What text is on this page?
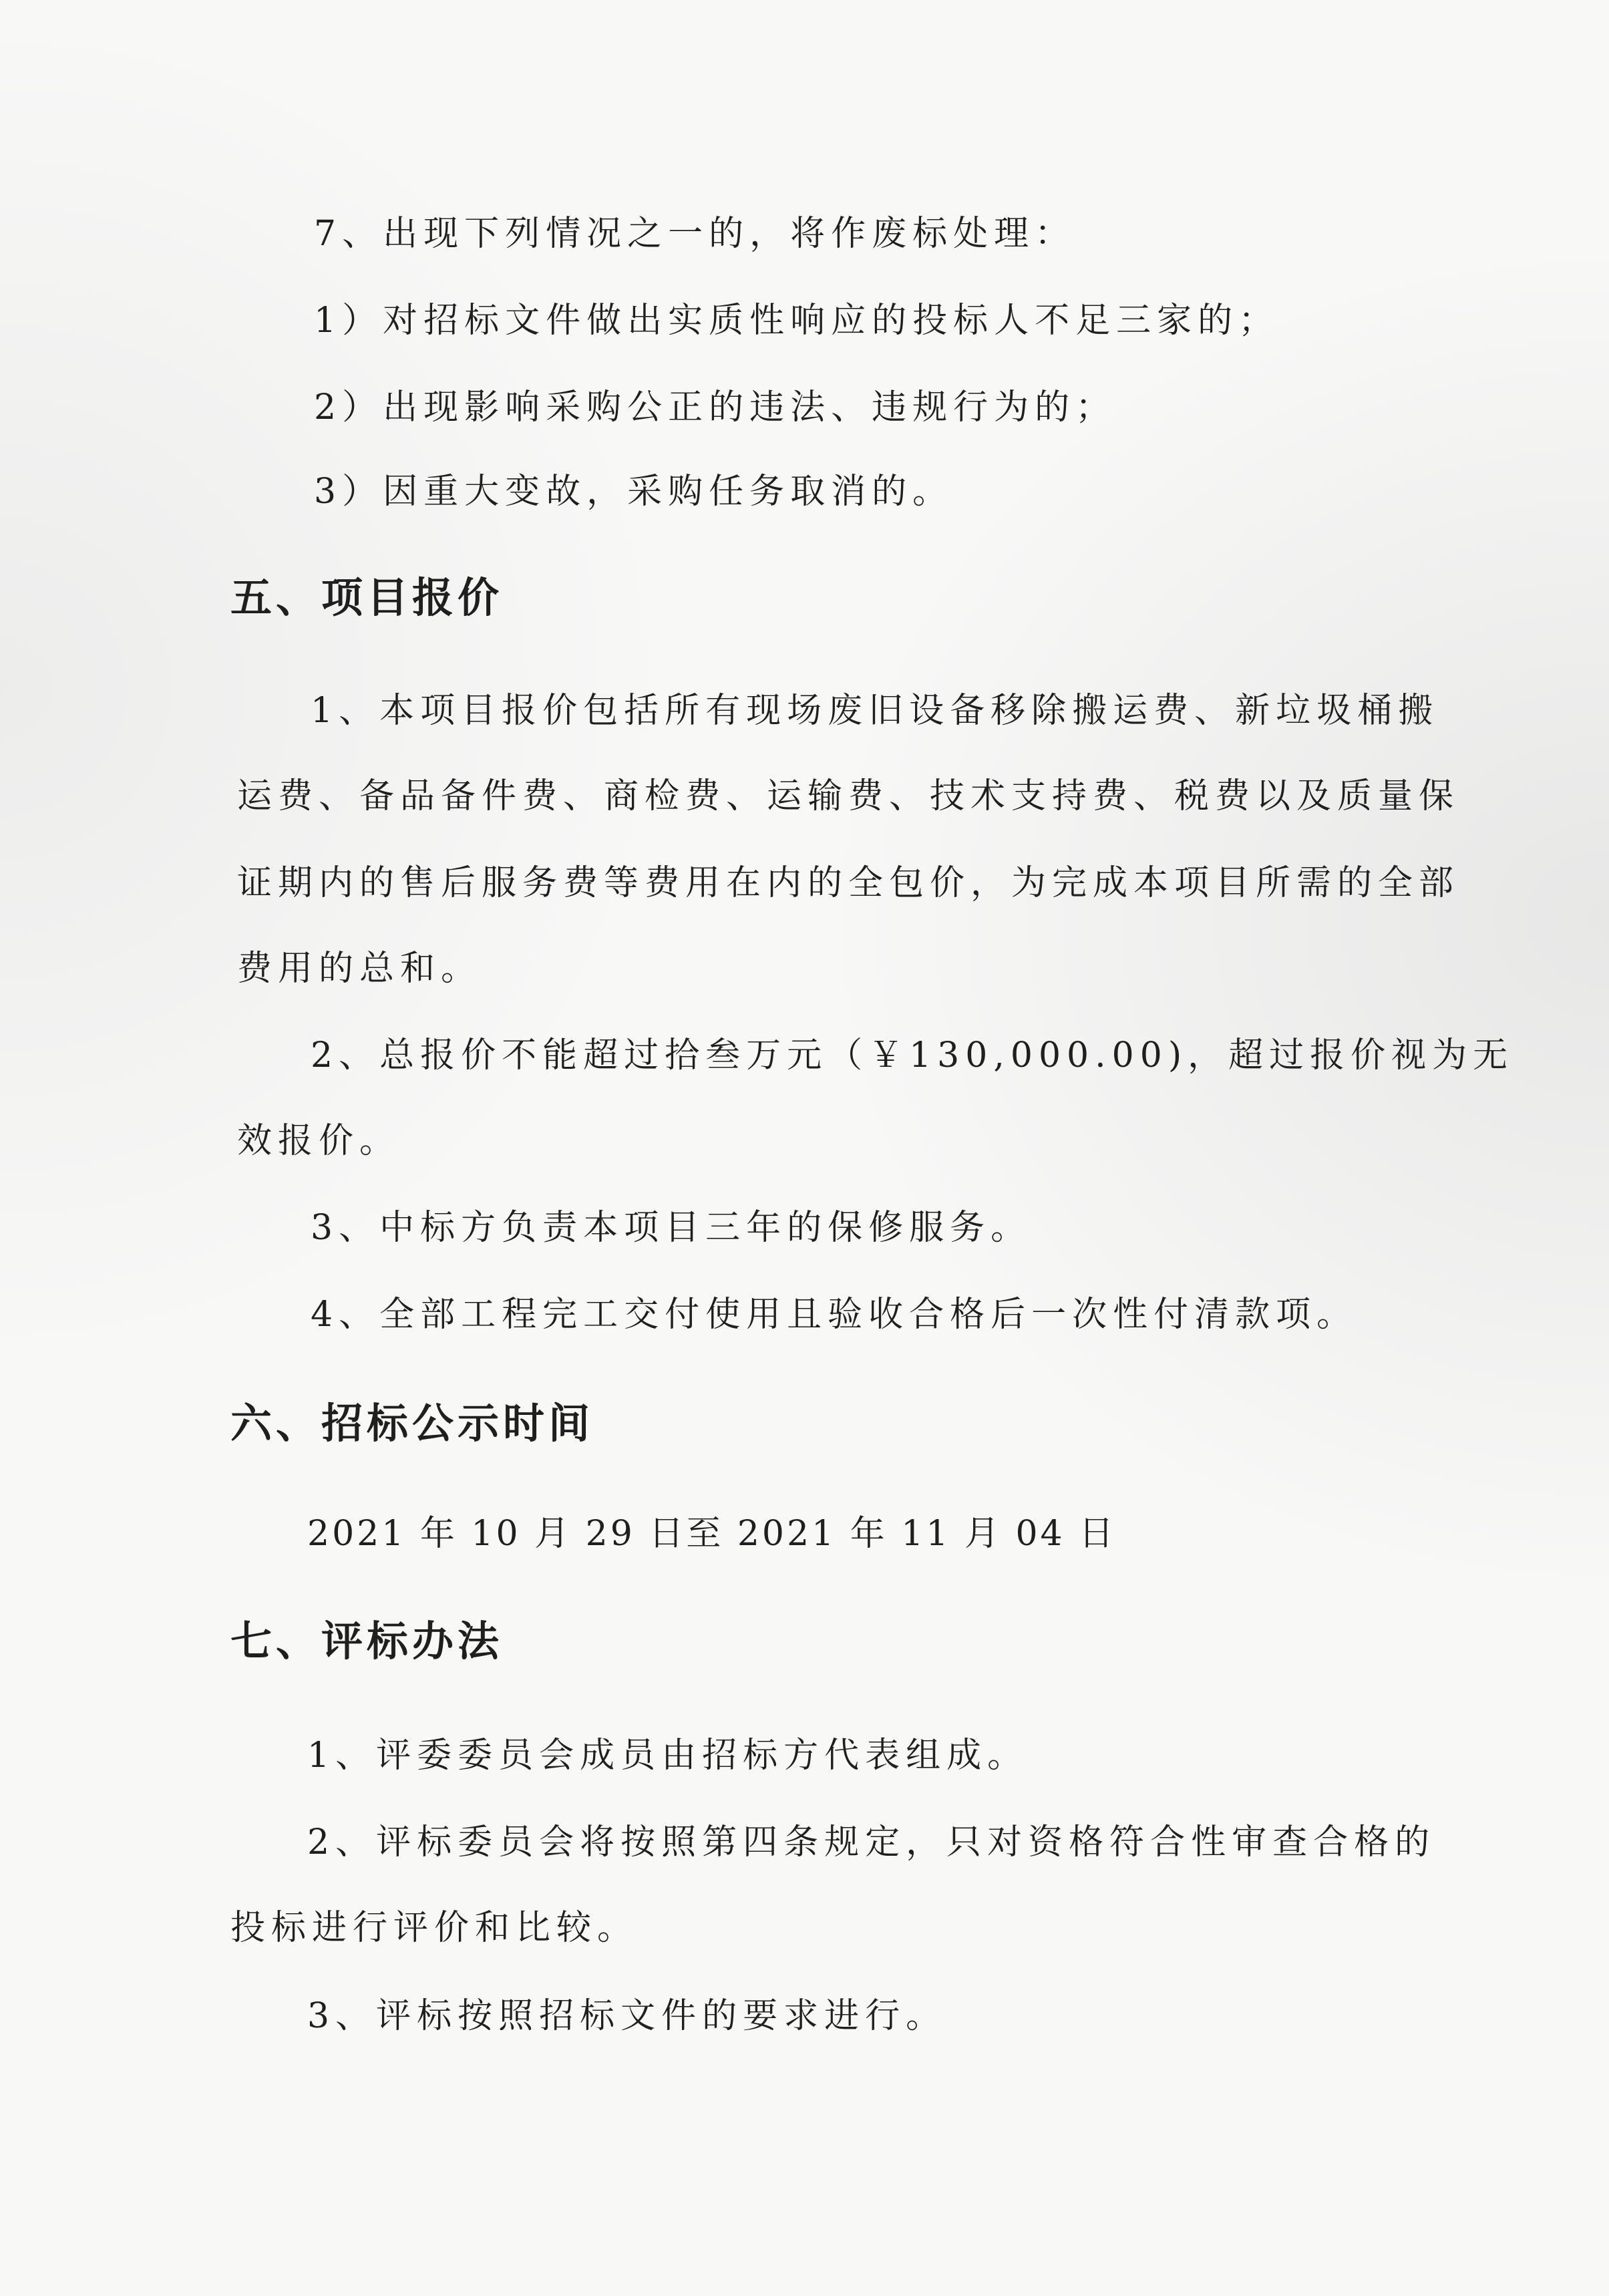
7、出现下列情况之一的，将作废标处理：

1）对招标文件做出实质性响应的投标人不足三家的；

2）出现影响采购公正的违法、违规行为的；

3）因重大变故，采购任务取消的。

五、项目报价

1、本项目报价包括所有现场废旧设备移除搬运费、新垃圾桶搬

运费、备品备件费、商检费、运输费、技术支持费、税费以及质量保

证期内的售后服务费等费用在内的全包价，为完成本项目所需的全部

费用的总和。

2、总报价不能超过拾叁万元（￥130,000.00)，超过报价视为无

效报价。

3、中标方负责本项目三年的保修服务。

4、全部工程完工交付使用且验收合格后一次性付清款项。

六、招标公示时间

2021 年 10 月 29 日至 2021 年 11 月 04 日

七、评标办法

1、评委委员会成员由招标方代表组成。

2、评标委员会将按照第四条规定，只对资格符合性审查合格的

投标进行评价和比较。

3、评标按照招标文件的要求进行。
